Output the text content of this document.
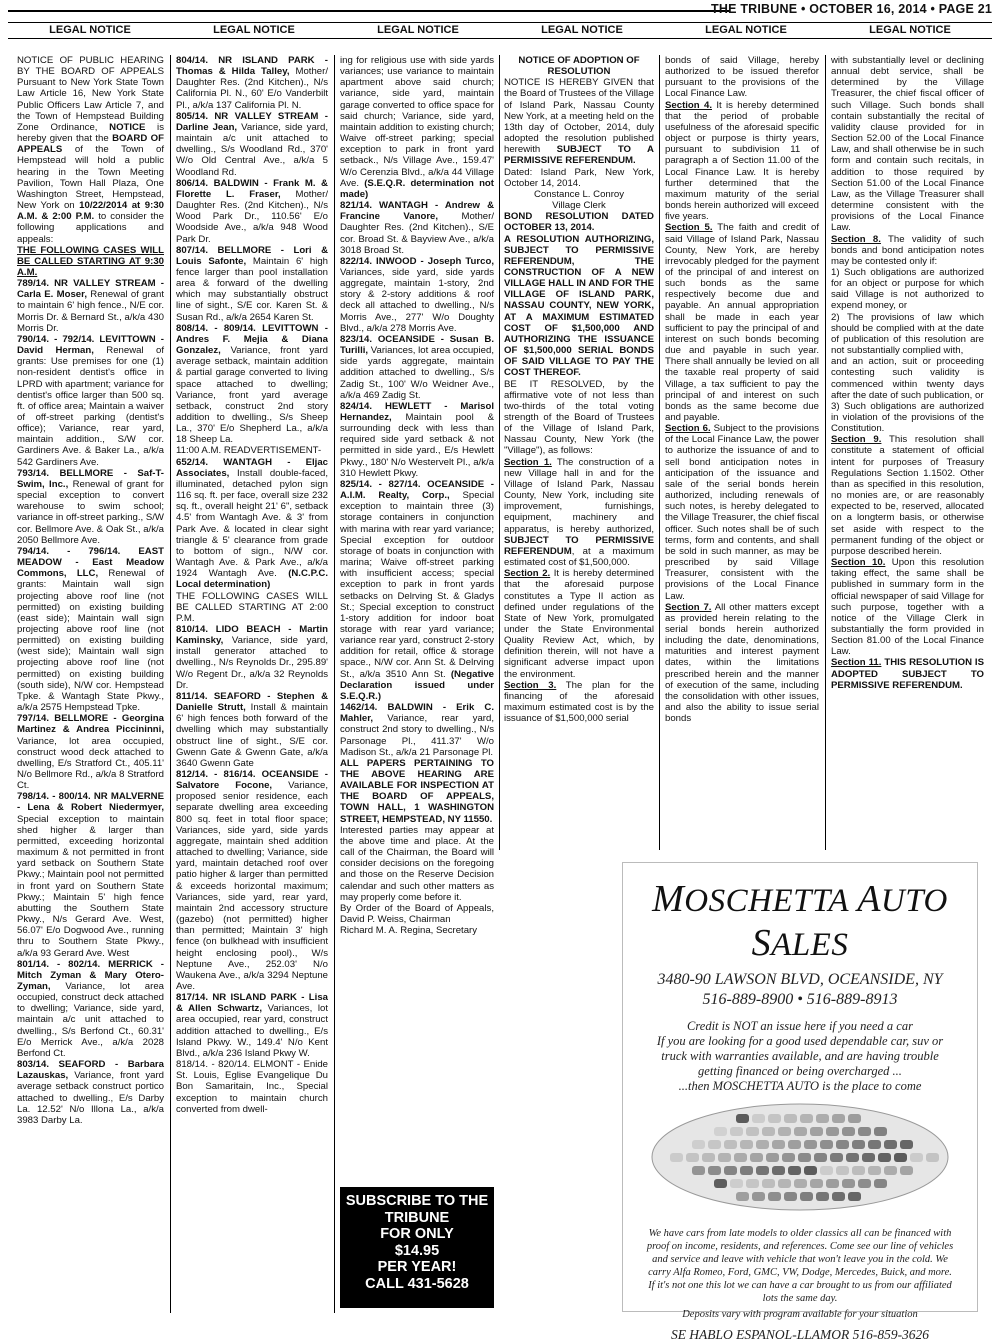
THE TRIBUNE • OCTOBER 16, 2014 • PAGE 21
LEGAL NOTICE	LEGAL NOTICE	LEGAL NOTICE	LEGAL NOTICE	LEGAL NOTICE	LEGAL NOTICE

NOTICE OF PUBLIC HEARING BY THE BOARD OF APPEALS Pursuant to New York State Town Law Article 16, New York State Public Officers Law Article 7, and the Town of Hempstead Building Zone Ordinance, NOTICE is hereby given that the BOARD OF APPEALS of the Town of Hempstead will hold a public hearing in the Town Meeting Pavilion, Town Hall Plaza, One Washington Street, Hempstead, New York on 10/22/2014 at 9:30 A.M. & 2:00 P.M. to consider the following applications and appeals:

THE FOLLOWING CASES WILL BE CALLED STARTING AT 9:30 A.M.

789/14. NR VALLEY STREAM - Carla E. Moser, Renewal of grant to maintain 6' high fence., N/E cor. Morris Dr. & Bernard St., a/k/a 430 Morris Dr.

790/14. - 792/14. LEVITTOWN - David Herman, Renewal of grants: Use premises for one (1) non-resident dentist's office in LPRD with apartment; variance for dentist's office larger than 500 sq. ft. of office area; Maintain a waiver of off-street parking (dentist's office); Variance, rear yard, maintain addition., S/W cor. Gardiners Ave. & Baker La., a/k/a 542 Gardiners Ave.

793/14. BELLMORE - Saf-T-Swim, Inc., Renewal of grant for special exception to convert warehouse to swim school; variance in off-street parking., S/W cor. Bellmore Ave. & Oak St., a/k/a 2050 Bellmore Ave.

794/14. - 796/14. EAST MEADOW - East Meadow Commons, LLC, Renewal of grants: Maintain wall sign projecting above roof line (not permitted) on existing building (east side); Maintain wall sign projecting above roof line (not permitted) on existing building (west side); Maintain wall sign projecting above roof line (not permitted) on existing building (south side), N/W cor. Hempstead Tpke. & Wantagh State Pkwy., a/k/a 2575 Hempstead Tpke.

797/14. BELLMORE - Georgina Martinez & Andrea Piccininni, Variance, lot area occupied, construct wood deck attached to dwelling, E/s Stratford Ct., 405.11' N/o Bellmore Rd., a/k/a 8 Stratford Ct.

798/14. - 800/14. NR MALVERNE - Lena & Robert Niedermyer, Special exception to maintain shed higher & larger than permitted, exceeding horizontal maximum & not permitted in front yard setback on Southern State Pkwy.; Maintain pool not permitted in front yard on Southern State Pkwy.; Maintain 5' high fence abutting the Southern State Pkwy., N/s Gerard Ave. West, 56.07' E/o Dogwood Ave., running thru to Southern State Pkwy., a/k/a 93 Gerard Ave. West

801/14. - 802/14. MERRICK - Mitch Zyman & Mary Otero-Zyman, Variance, lot area occupied, construct deck attached to dwelling; Variance, side yard, maintain a/c unit attached to dwelling., S/s Berfond Ct., 60.31' E/o Merrick Ave., a/k/a 2028 Berfond Ct.

803/14. SEAFORD - Barbara Lazauskas, Variance, front yard average setback construct portico attached to dwelling., E/s Darby La. 12.52' N/o Illona La., a/k/a 3983 Darby La.

804/14. NR ISLAND PARK - Thomas & Hilda Talley, Mother/ Daughter Res. (2nd Kitchen)., N/s California Pl. N., 60' E/o Vanderbilt Pl., a/k/a 137 California Pl. N.

805/14. NR VALLEY STREAM - Darline Jean, Variance, side yard, maintain a/c unit attached to dwelling., S/s Woodland Rd., 370' W/o Old Central Ave., a/k/a 5 Woodland Rd.

806/14. BALDWIN - Frank M. & Florette L. Fraser, Mother/ Daughter Res. (2nd Kitchen)., N/s Wood Park Dr., 110.56' E/o Woodside Ave., a/k/a 948 Wood Park Dr.

807/14. BELLMORE - Lori & Louis Safonte, Maintain 6' high fence larger than pool installation area & forward of the dwelling which may substantially obstruct line of sight., S/E cor. Karen St. & Susan Rd., a/k/a 2654 Karen St.

808/14. - 809/14. LEVITTOWN - Andres F. Mejia & Diana Gonzalez, Variance, front yard average setback, maintain addition & partial garage converted to living space attached to dwelling; Variance, front yard average setback, construct 2nd story addition to dwelling., S/s Sheep La., 370' E/o Shepherd La., a/k/a 18 Sheep La.

11:00 A.M. READVERTISEMENT-

652/14. WANTAGH - Eljac Associates, Install double-faced, illuminated, detached pylon sign 116 sq. ft. per face, overall size 232 sq. ft., overall height 21' 6", setback 4.5' from Wantagh Ave. & 3' from Park Ave. & located in clear sight triangle & 5' clearance from grade to bottom of sign., N/W cor. Wantagh Ave. & Park Ave., a/k/a 1924 Wantagh Ave. (N.C.P.C. Local determination)

THE FOLLOWING CASES WILL BE CALLED STARTING AT 2:00 P.M.

810/14. LIDO BEACH - Martin Kaminsky, Variance, side yard, install generator attached to dwelling., N/s Reynolds Dr., 295.89' W/o Regent Dr., a/k/a 32 Reynolds Dr.

811/14. SEAFORD - Stephen & Danielle Strutt, Install & maintain 6' high fences both forward of the dwelling which may substantially obstruct line of sight., S/E cor. Gwenn Gate & Gwenn Gate, a/k/a 3640 Gwenn Gate

812/14. - 816/14. OCEANSIDE - Salvatore Focone, Variance, proposed senior residence, each separate dwelling area exceeding 800 sq. feet in total floor space; Variances, side yard, side yards aggregate, maintain shed addition attached to dwelling; Variance, side yard, maintain detached roof over patio higher & larger than permitted & exceeds horizontal maximum; Variances, side yard, rear yard, maintain 2nd accessory structure (gazebo) (not permitted) higher than permitted; Maintain 3' high fence (on bulkhead with insufficient height enclosing pool)., W/s Neptune Ave., 252.03' N/o Waukena Ave., a/k/a 3294 Neptune Ave.

817/14. NR ISLAND PARK - Lisa & Allen Schwartz, Variances, lot area occupied, rear yard, construct addition attached to dwelling., E/s Island Pkwy. W., 149.4' N/o Kent Blvd., a/k/a 236 Island Pkwy W.

818/14. - 820/14. ELMONT - Enide St. Louis, Eglise Evangelique Du Bon Samaritain, Inc., Special exception to maintain church converted from dwell-

ing for religious use with side yards variances; use variance to maintain apartment above said church; variance, side yard, maintain garage converted to office space for said church; Variance, side yard, maintain addition to existing church; Waive off-street parking; special exception to park in front yard setback., N/s Village Ave., 159.47' W/o Cerenzia Blvd., a/k/a 44 Village Ave. (S.E.Q.R. determination not made)

821/14. WANTAGH - Andrew & Francine Vanore, Mother/ Daughter Res. (2nd Kitchen)., S/E cor. Broad St. & Bayview Ave., a/k/a 3018 Broad St.

822/14. INWOOD - Joseph Turco, Variances, side yard, side yards aggregate, maintain 1-story, 2nd story & 2-story additions & roof deck all attached to dwelling., N/s Morris Ave., 277' W/o Doughty Blvd., a/k/a 278 Morris Ave.

823/14. OCEANSIDE - Susan B. Turilli, Variances, lot area occupied, side yards aggregate, maintain addition attached to dwelling., S/s Zadig St., 100' W/o Weidner Ave., a/k/a 469 Zadig St.

824/14. HEWLETT - Marisol Hernandez, Maintain pool & surrounding deck with less than required side yard setback & not permitted in side yard., E/s Hewlett Pkwy., 180' N/o Westervelt Pl., a/k/a 310 Hewlett Pkwy.

825/14. - 827/14. OCEANSIDE - A.I.M. Realty, Corp., Special exception to maintain three (3) storage containers in conjunction with marina with rear yard variance; Special exception for outdoor storage of boats in conjunction with marina; Waive off-street parking with insufficient access; special exception to park in front yards setbacks on Delrving St. & Gladys St.; Special exception to construct 1-story addition for indoor boat storage with rear yard variance; variance rear yard, construct 2-story addition for retail, office & storage space., N/W cor. Ann St. & Delrving St., a/k/a 3510 Ann St. (Negative Declaration issued under S.E.Q.R.)

1462/14. BALDWIN - Erik C. Mahler, Variance, rear yard, construct 2nd story to dwelling., N/s Parsonage Pl., 411.37' W/o Madison St., a/k/a 21 Parsonage Pl.

ALL PAPERS PERTAINING TO THE ABOVE HEARING ARE AVAILABLE FOR INSPECTION AT THE BOARD OF APPEALS, TOWN HALL, 1 WASHINGTON STREET, HEMPSTEAD, NY 11550.

Interested parties may appear at the above time and place. At the call of the Chairman, the Board will consider decisions on the foregoing and those on the Reserve Decision calendar and such other matters as may properly come before it.

By Order of the Board of Appeals, David P. Weiss, Chairman

Richard M. A. Regina, Secretary

NOTICE OF ADOPTION OF RESOLUTION

NOTICE IS HEREBY GIVEN that the Board of Trustees of the Village of Island Park, Nassau County New York, at a meeting held on the 13th day of October, 2014, duly adopted the resolution published herewith SUBJECT TO A PERMISSIVE REFERENDUM.

Dated: Island Park, New York, October 14, 2014.

Constance L. Conroy

Village Clerk

BOND RESOLUTION DATED OCTOBER 13, 2014.

A RESOLUTION AUTHORIZING, SUBJECT TO PERMISSIVE REFERENDUM, THE CONSTRUCTION OF A NEW VILLAGE HALL IN AND FOR THE VILLAGE OF ISLAND PARK, NASSAU COUNTY, NEW YORK, AT A MAXIMUM ESTIMATED COST OF $1,500,000 AND AUTHORIZING THE ISSUANCE OF $1,500,000 SERIAL BONDS OF SAID VILLAGE TO PAY THE COST THEREOF.

BE IT RESOLVED, by the affirmative vote of not less than two-thirds of the total voting strength of the Board of Trustees of the Village of Island Park, Nassau County, New York (the "Village"), as follows:

Section 1. The construction of a new Village hall in and for the Village of Island Park, Nassau County, New York, including site improvement, furnishings, equipment, machinery and apparatus, is hereby authorized, SUBJECT TO PERMISSIVE REFERENDUM, at a maximum estimated cost of $1,500,000.

Section 2. It is hereby determined that the aforesaid purpose constitutes a Type II action as defined under regulations of the State of New York, promulgated under the State Environmental Quality Review Act, which, by definition therein, will not have a significant adverse impact upon the environment.

Section 3. The plan for the financing of the aforesaid maximum estimated cost is by the issuance of $1,500,000 serial

bonds of said Village, hereby authorized to be issued therefor pursuant to the provisions of the Local Finance Law.

Section 4. It is hereby determined that the period of probable usefulness of the aforesaid specific object or purpose is thirty years, pursuant to subdivision 11 of paragraph a of Section 11.00 of the Local Finance Law. It is hereby further determined that the maximum maturity of the serial bonds herein authorized will exceed five years.

Section 5. The faith and credit of said Village of Island Park, Nassau County, New York, are hereby irrevocably pledged for the payment of the principal of and interest on such bonds as the same respectively become due and payable. An annual appropriation shall be made in each year sufficient to pay the principal of and interest on such bonds becoming due and payable in such year. There shall annually be levied on all the taxable real property of said Village, a tax sufficient to pay the principal of and interest on such bonds as the same become due and payable.

Section 6. Subject to the provisions of the Local Finance Law, the power to authorize the issuance of and to sell bond anticipation notes in anticipation of the issuance and sale of the serial bonds herein authorized, including renewals of such notes, is hereby delegated to the Village Treasurer, the chief fiscal officer. Such notes shall be of such terms, form and contents, and shall be sold in such manner, as may be prescribed by said Village Treasurer, consistent with the provisions of the Local Finance Law.

Section 7. All other matters except as provided herein relating to the serial bonds herein authorized including the date, denominations, maturities and interest payment dates, within the limitations prescribed herein and the manner of execution of the same, including the consolidation with other issues, and also the ability to issue serial bonds

with substantially level or declining annual debt service, shall be determined by the Village Treasurer, the chief fiscal officer of such Village. Such bonds shall contain substantially the recital of validity clause provided for in Section 52.00 of the Local Finance Law, and shall otherwise be in such form and contain such recitals, in addition to those required by Section 51.00 of the Local Finance Law, as the Village Treasurer shall determine consistent with the provisions of the Local Finance Law.

Section 8. The validity of such bonds and bond anticipation notes may be contested only if:

1) Such obligations are authorized for an object or purpose for which said Village is not authorized to expend money, or

2) The provisions of law which should be complied with at the date of publication of this resolution are not substantially complied with,

and an action, suit or proceeding contesting such validity is commenced within twenty days after the date of such publication, or

3) Such obligations are authorized in violation of the provisions of the Constitution.

Section 9. This resolution shall constitute a statement of official intent for purposes of Treasury Regulations Section 1.1502. Other than as specified in this resolution, no monies are, or are reasonably expected to be, reserved, allocated on a longterm basis, or otherwise set aside with respect to the permanent funding of the object or purpose described herein.

Section 10. Upon this resolution taking effect, the same shall be published in summary form in the official newspaper of said Village for such purpose, together with a notice of the Village Clerk in substantially the form provided in Section 81.00 of the Local Finance Law.

Section 11. THIS RESOLUTION IS ADOPTED SUBJECT TO PERMISSIVE REFERENDUM.

SUBSCRIBE TO THE
TRIBUNE
FOR ONLY
$14.95
PER YEAR!
CALL 431-5628
MOSCHETTA AUTO SALES
3480-90 LAWSON BLVD, OCEANSIDE, NY
516-889-8900 • 516-889-8913
Credit is NOT an issue here if you need a car
If you are looking for a good used dependable car, suv or truck with warranties available, and are having trouble getting financed or being overcharged ...
...then MOSCHETTA AUTO is the place to come
We have cars from late models to older classics all can be financed with proof on income, residents, and references. Come see our line of vehicles and service and leave with vehicle that won't leave you in the cold. We carry Alfa Romeo, Ford, GMC, VW, Dodge, Mercedes, Buick, and more. If it's not one this lot we can have a car brought to us from our affiliated lots the same day.
Deposits vary with program available for your situation
SE HABLO ESPANOL-LLAMOR 516-859-3626
